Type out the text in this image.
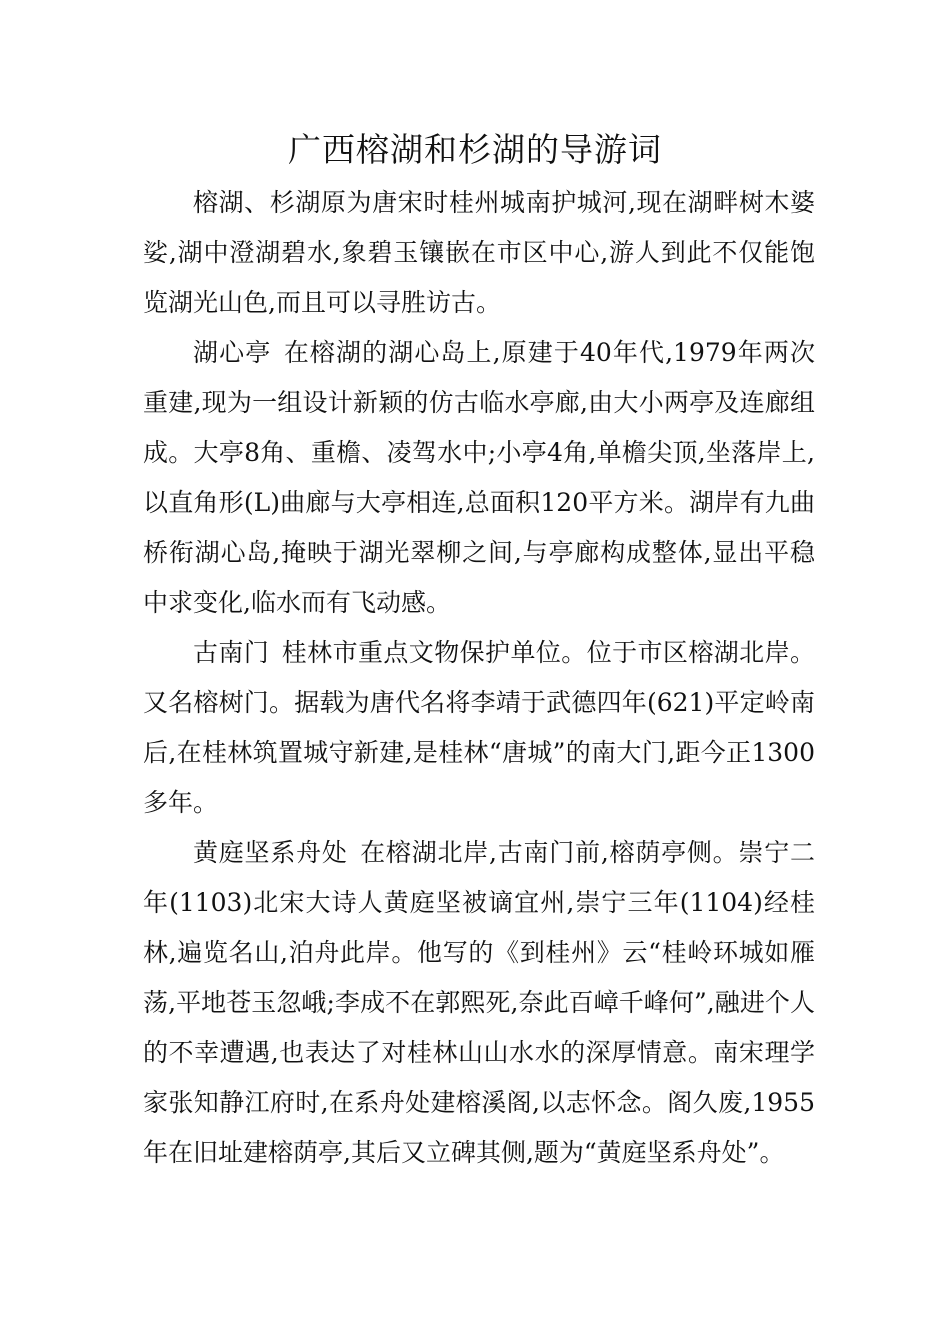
广西榕湖和杉湖的导游词

榕湖、杉湖原为唐宋时桂州城南护城河,现在湖畔树木婆娑,湖中澄湖碧水,象碧玉镶嵌在市区中心,游人到此不仅能饱览湖光山色,而且可以寻胜访古。

湖心亭 在榕湖的湖心岛上,原建于40年代,1979年两次重建,现为一组设计新颖的仿古临水亭廊,由大小两亭及连廊组成。大亭8角、重檐、凌驾水中;小亭4角,单檐尖顶,坐落岸上,以直角形(L)曲廊与大亭相连,总面积120平方米。湖岸有九曲桥衔湖心岛,掩映于湖光翠柳之间,与亭廊构成整体,显出平稳中求变化,临水而有飞动感。

古南门 桂林市重点文物保护单位。位于市区榕湖北岸。又名榕树门。据载为唐代名将李靖于武德四年(621)平定岭南后,在桂林筑置城守新建,是桂林“唐城”的南大门,距今正1300多年。

黄庭坚系舟处 在榕湖北岸,古南门前,榕荫亭侧。崇宁二年(1103)北宋大诗人黄庭坚被谪宜州,崇宁三年(1104)经桂林,遍览名山,泊舟此岸。他写的《到桂州》云“桂岭环城如雁荡,平地苍玉忽峨;李成不在郭熙死,奈此百嶂千峰何”,融进个人的不幸遭遇,也表达了对桂林山山水水的深厚情意。南宋理学家张知静江府时,在系舟处建榕溪阁,以志怀念。阁久废,1955年在旧址建榕荫亭,其后又立碑其侧,题为“黄庭坚系舟处”。
